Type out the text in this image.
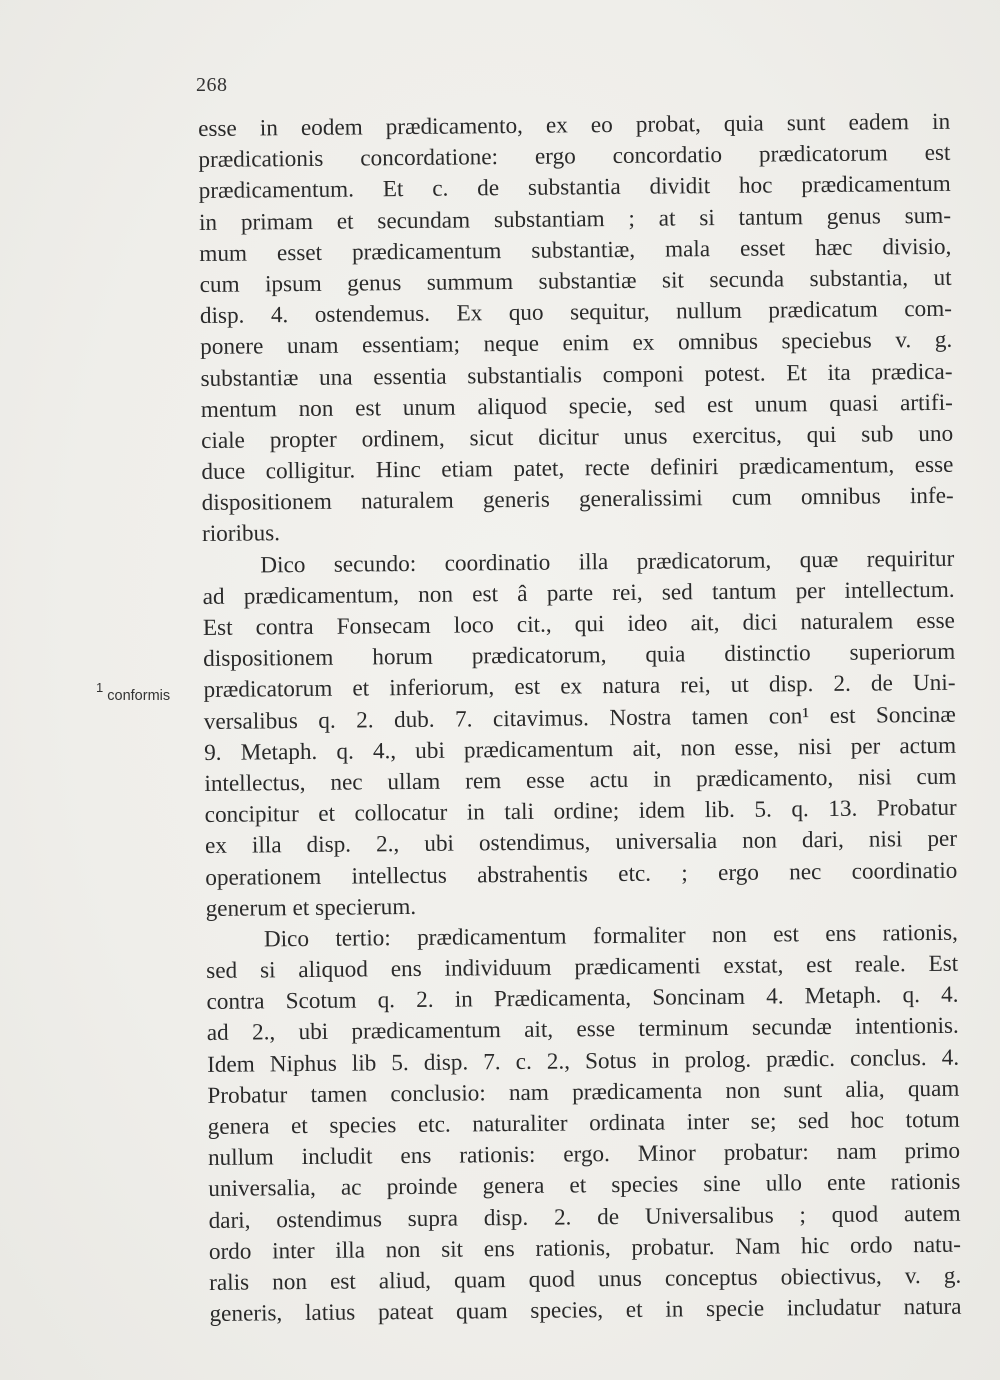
268
$^1$ conformis
esse in eodem prædicamento, ex eo probat, quia sunt eadem in
prædicationis concordatione: ergo concordatio prædicatorum est
prædicamentum. Et c. de substantia dividit hoc prædicamentum
in primam et secundam substantiam ; at si tantum genus sum-
mum esset prædicamentum substantiæ, mala esset hæc divisio,
cum ipsum genus summum substantiæ sit secunda substantia, ut
disp. 4. ostendemus. Ex quo sequitur, nullum prædicatum com-
ponere unam essentiam; neque enim ex omnibus speciebus v. g.
substantiæ una essentia substantialis componi potest. Et ita prædica-
mentum non est unum aliquod specie, sed est unum quasi artifi-
ciale propter ordinem, sicut dicitur unus exercitus, qui sub uno
duce colligitur. Hinc etiam patet, recte definiri prædicamentum, esse
dispositionem naturalem generis generalissimi cum omnibus infe-
rioribus.
Dico secundo: coordinatio illa prædicatorum, quæ requiritur
ad prædicamentum, non est â parte rei, sed tantum per intellectum.
Est contra Fonsecam loco cit., qui ideo ait, dici naturalem esse
dispositionem horum prædicatorum, quia distinctio superiorum
prædicatorum et inferiorum, est ex natura rei, ut disp. 2. de Uni-
versalibus q. 2. dub. 7. citavimus. Nostra tamen con¹ est Soncinæ
9. Metaph. q. 4., ubi prædicamentum ait, non esse, nisi per actum
intellectus, nec ullam rem esse actu in prædicamento, nisi cum
concipitur et collocatur in tali ordine; idem lib. 5. q. 13. Probatur
ex illa disp. 2., ubi ostendimus, universalia non dari, nisi per
operationem intellectus abstrahentis etc. ; ergo nec coordinatio
generum et specierum.
Dico tertio: prædicamentum formaliter non est ens rationis,
sed si aliquod ens individuum prædicamenti exstat, est reale. Est
contra Scotum q. 2. in Prædicamenta, Soncinam 4. Metaph. q. 4.
ad 2., ubi prædicamentum ait, esse terminum secundæ intentionis.
Idem Niphus lib 5. disp. 7. c. 2., Sotus in prolog. prædic. conclus. 4.
Probatur tamen conclusio: nam prædicamenta non sunt alia, quam
genera et species etc. naturaliter ordinata inter se; sed hoc totum
nullum includit ens rationis: ergo. Minor probatur: nam primo
universalia, ac proinde genera et species sine ullo ente rationis
dari, ostendimus supra disp. 2. de Universalibus ; quod autem
ordo inter illa non sit ens rationis, probatur. Nam hic ordo natu-
ralis non est aliud, quam quod unus conceptus obiectivus, v. g.
generis, latius pateat quam species, et in specie includatur natura
